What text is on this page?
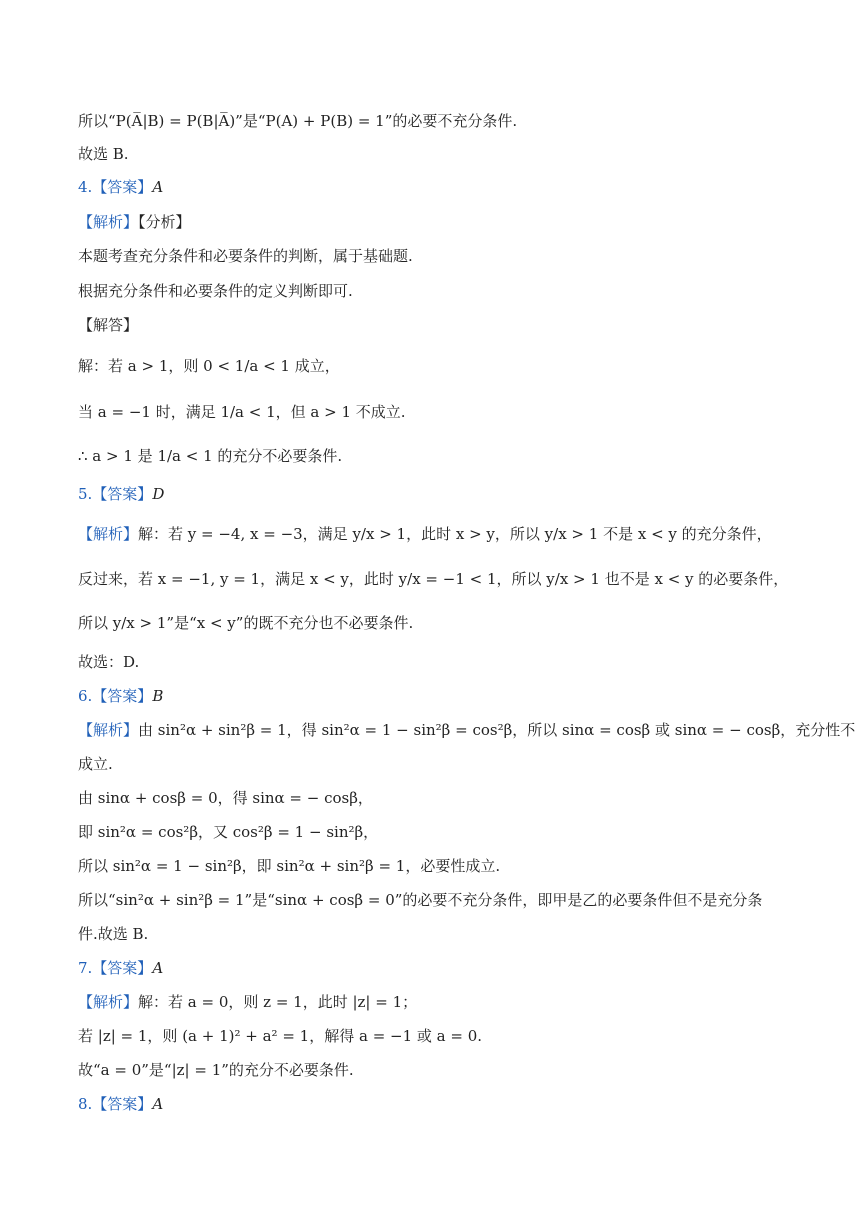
所以“P(A̅|B) = P(B|A̅)”是“P(A) + P(B) = 1”的必要不充分条件.
故选 B.
4.【答案】A
【解析】【分析】
本题考查充分条件和必要条件的判断，属于基础题.
根据充分条件和必要条件的定义判断即可.
【解答】
解：若 a > 1，则 0 < 1/a < 1 成立，
当 a = −1 时，满足 1/a < 1，但 a > 1 不成立.
∴ a > 1 是 1/a < 1 的充分不必要条件.
5.【答案】D
【解析】解：若 y = −4, x = −3，满足 y/x > 1，此时 x > y，所以 y/x > 1 不是 x < y 的充分条件，
反过来，若 x = −1, y = 1，满足 x < y，此时 y/x = −1 < 1，所以 y/x > 1 也不是 x < y 的必要条件，
所以 y/x > 1”是“x < y”的既不充分也不必要条件.
故选：D.
6.【答案】B
【解析】由 sin²α + sin²β = 1，得 sin²α = 1 − sin²β = cos²β，所以 sinα = cosβ 或 sinα = − cosβ，充分性不
成立.
由 sinα + cosβ = 0，得 sinα = − cosβ，
即 sin²α = cos²β，又 cos²β = 1 − sin²β，
所以 sin²α = 1 − sin²β，即 sin²α + sin²β = 1，必要性成立.
所以“sin²α + sin²β = 1”是“sinα + cosβ = 0”的必要不充分条件，即甲是乙的必要条件但不是充分条
件.故选 B.
7.【答案】A
【解析】解：若 a = 0，则 z = 1，此时 |z| = 1；
若 |z| = 1，则 (a + 1)² + a² = 1，解得 a = −1 或 a = 0.
故“a = 0”是“|z| = 1”的充分不必要条件.
8.【答案】A
